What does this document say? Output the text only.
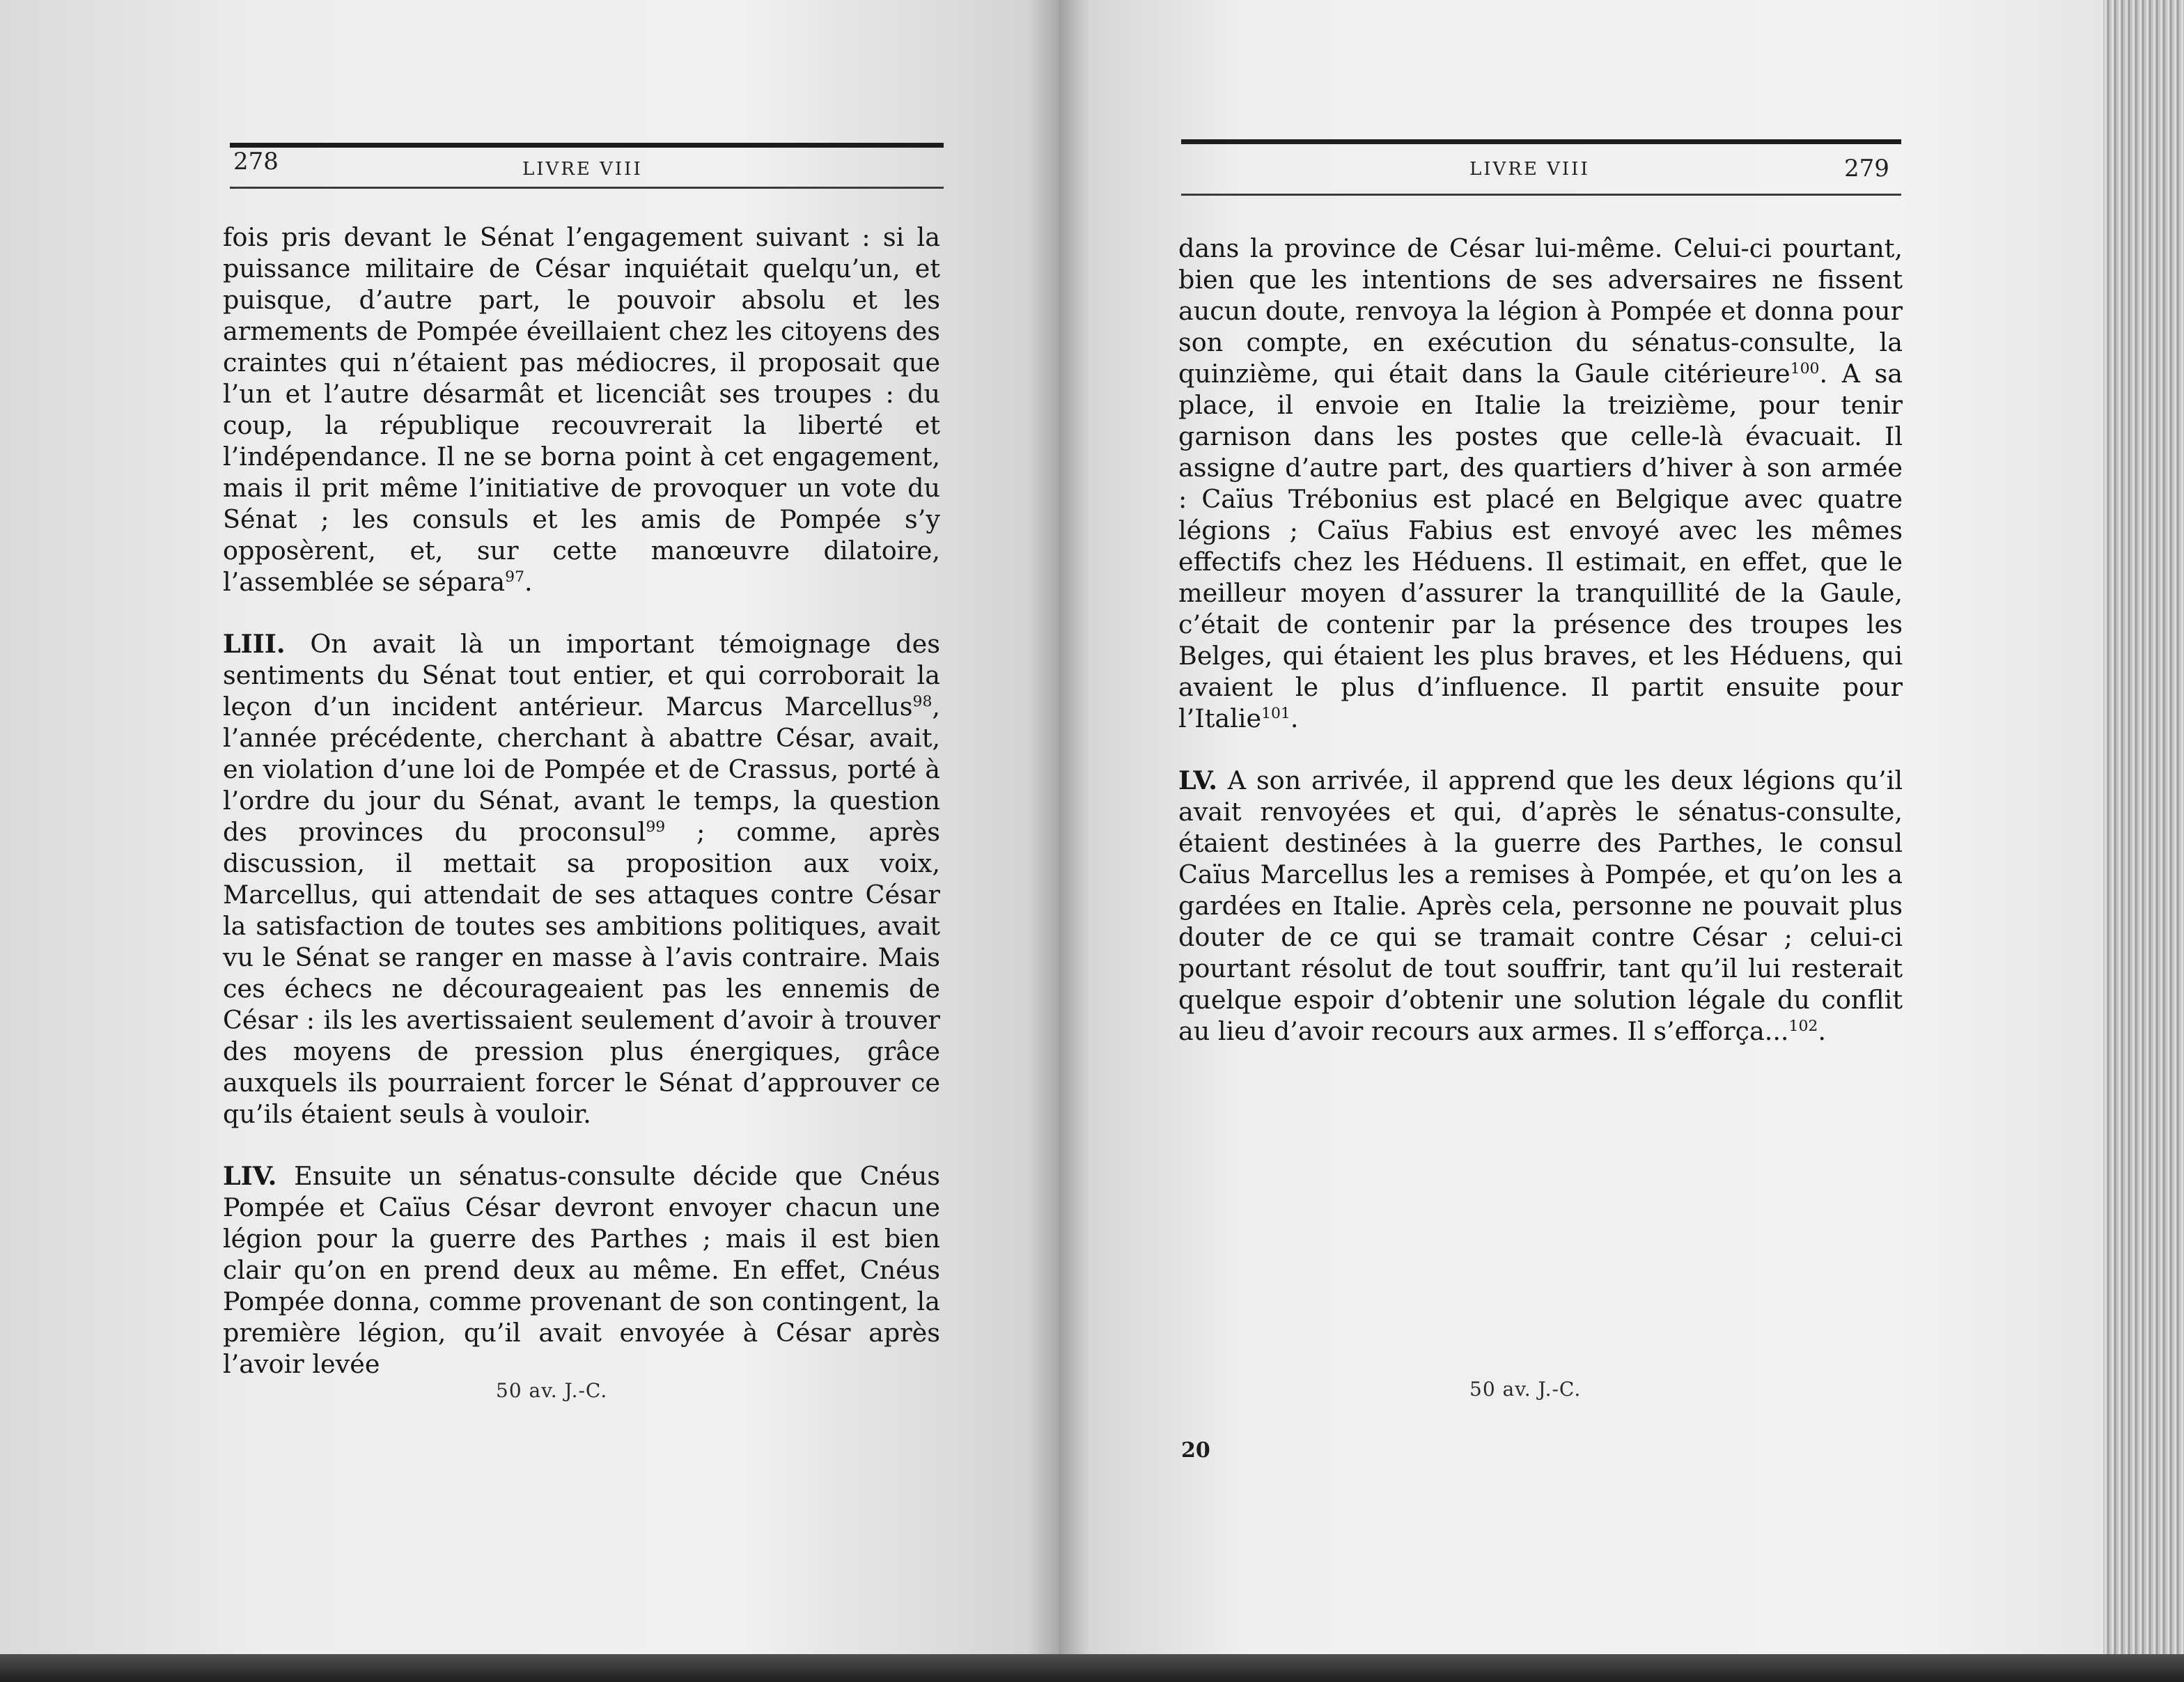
278	LIVRE VIII

fois pris devant le Sénat l’engagement suivant : si la puissance militaire de César inquiétait quelqu’un, et puisque, d’autre part, le pouvoir absolu et les armements de Pompée éveillaient chez les citoyens des craintes qui n’étaient pas médiocres, il proposait que l’un et l’autre désarmât et licenciât ses troupes : du coup, la république recouvrerait la liberté et l’indépendance. Il ne se borna point à cet engagement, mais il prit même l’initiative de provoquer un vote du Sénat ; les consuls et les amis de Pompée s’y opposèrent, et, sur cette manœuvre dilatoire, l’assemblée se sépara$^{97}$.

LIII. On avait là un important témoignage des sentiments du Sénat tout entier, et qui corroborait la leçon d’un incident antérieur. Marcus Marcellus$^{98}$, l’année précédente, cherchant à abattre César, avait, en violation d’une loi de Pompée et de Crassus, porté à l’ordre du jour du Sénat, avant le temps, la question des provinces du proconsul$^{99}$ ; comme, après discussion, il mettait sa proposition aux voix, Marcellus, qui attendait de ses attaques contre César la satisfaction de toutes ses ambitions politiques, avait vu le Sénat se ranger en masse à l’avis contraire. Mais ces échecs ne décourageaient pas les ennemis de César : ils les avertissaient seulement d’avoir à trouver des moyens de pression plus énergiques, grâce auxquels ils pourraient forcer le Sénat d’approuver ce qu’ils étaient seuls à vouloir.

LIV. Ensuite un sénatus-consulte décide que Cnéus Pompée et Caïus César devront envoyer chacun une légion pour la guerre des Parthes ; mais il est bien clair qu’on en prend deux au même. En effet, Cnéus Pompée donna, comme provenant de son contingent, la première légion, qu’il avait envoyée à César après l’avoir levée

50 av. J.-C.
LIVRE VIII	279

dans la province de César lui-même. Celui-ci pourtant, bien que les intentions de ses adversaires ne fissent aucun doute, renvoya la légion à Pompée et donna pour son compte, en exécution du sénatus-consulte, la quinzième, qui était dans la Gaule citérieure$^{100}$. A sa place, il envoie en Italie la treizième, pour tenir garnison dans les postes que celle-là évacuait. Il assigne d’autre part, des quartiers d’hiver à son armée : Caïus Trébonius est placé en Belgique avec quatre légions ; Caïus Fabius est envoyé avec les mêmes effectifs chez les Héduens. Il estimait, en effet, que le meilleur moyen d’assurer la tranquillité de la Gaule, c’était de contenir par la présence des troupes les Belges, qui étaient les plus braves, et les Héduens, qui avaient le plus d’influence. Il partit ensuite pour l’Italie$^{101}$.

LV. A son arrivée, il apprend que les deux légions qu’il avait renvoyées et qui, d’après le sénatus-consulte, étaient destinées à la guerre des Parthes, le consul Caïus Marcellus les a remises à Pompée, et qu’on les a gardées en Italie. Après cela, personne ne pouvait plus douter de ce qui se tramait contre César ; celui-ci pourtant résolut de tout souffrir, tant qu’il lui resterait quelque espoir d’obtenir une solution légale du conflit au lieu d’avoir recours aux armes. Il s’efforça...$^{102}$.

50 av. J.-C.
20
